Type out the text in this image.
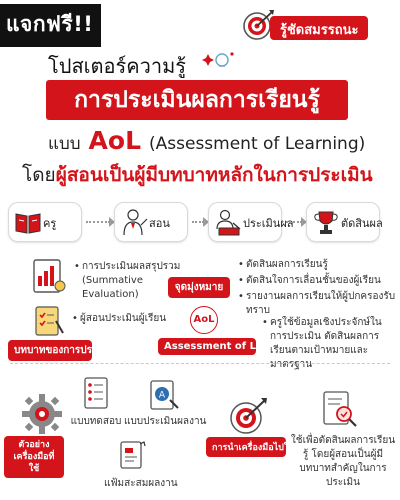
แจกฟรี!!	รู้ชัดสมรรถนะ
โปสเตอร์ความรู้
การประเมินผลการเรียนรู้
แบบ AoL (Assessment of Learning)
โดยผู้สอนเป็นผู้มีบทบาทหลักในการประเมิน
ครู	สอน	ประเมินผล	ตัดสินผล
• การประเมินผลสรุปรวม (Summative Evaluation)
จุดมุ่งหมาย
• ตัดสินผลการเรียนรู้
• ตัดสินใจการเลื่อนชั้นของผู้เรียน
• รายงานผลการเรียนให้ผู้ปกครองรับทราบ
• ผู้สอนประเมินผู้เรียน
บทบาทของการประเมิน
AoL
Assessment of Learning
• ครูใช้ข้อมูลเชิงประจักษ์ในการประเมิน ตัดสินผลการเรียนตามเป้าหมายและมาตรฐาน
ตัวอย่างเครื่องมือที่ใช้
แบบทดสอบ
A
แบบประเมินผลงาน
แฟ้มสะสมผลงาน
การนำเครื่องมือไปใช้
ใช้เพื่อตัดสินผลการเรียนรู้ โดยผู้สอนเป็นผู้มีบทบาทสำคัญในการประเมิน
